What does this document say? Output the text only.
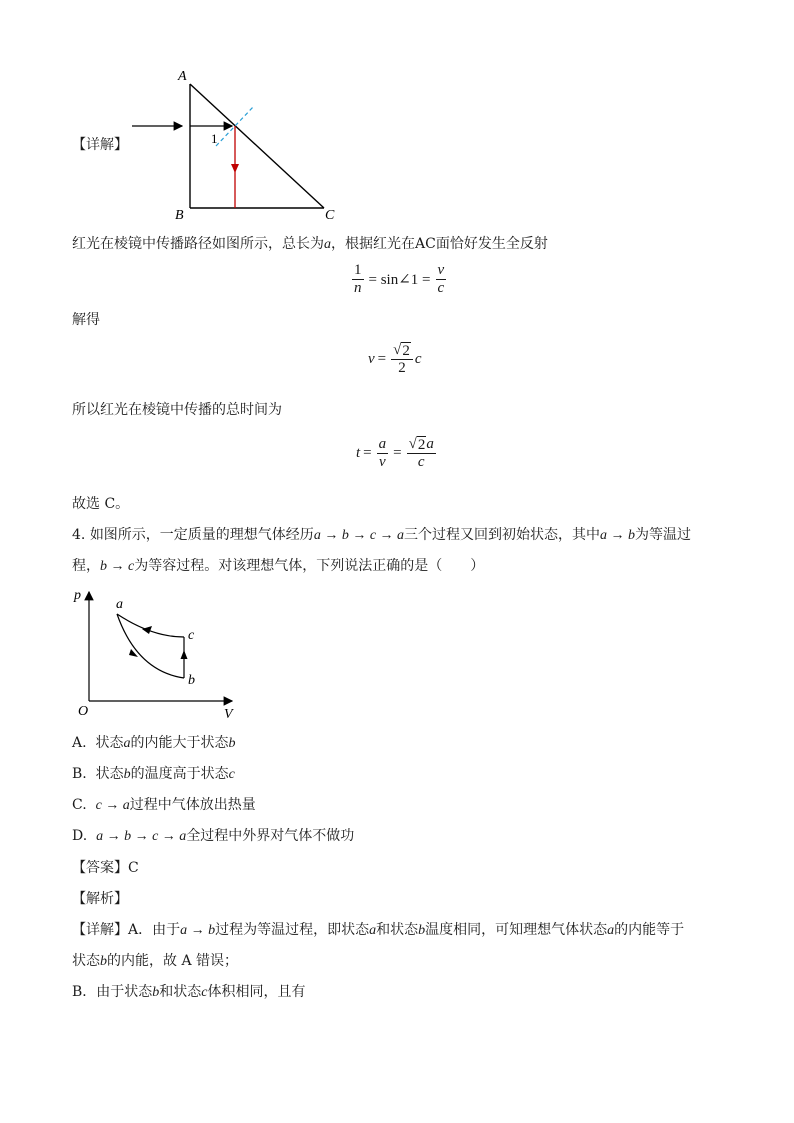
A
B	C
1
【详解】
红光在棱镜中传播路径如图所示，总长为a，根据红光在AC面恰好发生全反射
$\frac{1}{n}$ = sin∠1 = $\frac{v}{c}$
解得
$v = \frac{√ 2}{2}$ c
所以红光在棱镜中传播的总时间为
$t = \frac{a}{v} = \frac{√ 2 a}{c}$
故选 C。
4. 如图所示，一定质量的理想气体经历a → b → c → a三个过程又回到初始状态，其中a → b为等温过
程，b → c为等容过程。对该理想气体，下列说法正确的是（　　）
p
V
O
a
b
c
A. 状态a的内能大于状态b
B. 状态b的温度高于状态c
C. c → a过程中气体放出热量
D. a → b → c → a全过程中外界对气体不做功
【答案】C
【解析】
【详解】A．由于a → b过程为等温过程，即状态a和状态b温度相同，可知理想气体状态a的内能等于
状态b的内能，故 A 错误；
B．由于状态b和状态c体积相同，且有
